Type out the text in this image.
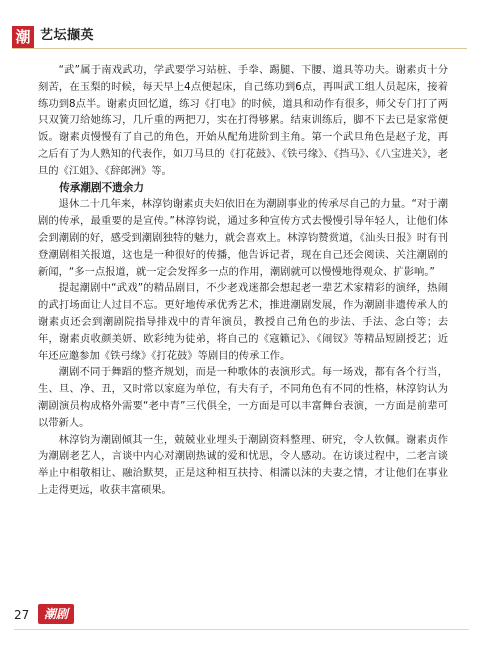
潮 艺坛撷英

“武”属于南戏武功，学武要学习站桩、手拳、踢腿、下腰、道具等功夫。谢素贞十分刻苦，在玉梨的时候，每天早上4点便起床，自己练功到6点，再叫武工组人员起床，接着练功到8点半。谢素贞回忆道，练习《打电》的时候，道具和动作有很多，师父专门打了两只双簧刀给她练习，几斤重的两把刀，实在打得够累。结束训练后，脚不下去已是家常便饭。谢素贞慢慢有了自己的角色，开始从配角进阶到主角。第一个武旦角色是赵子龙，再之后有了为人熟知的代表作，如刀马旦的《打花鼓》、《铁弓缘》、《挡马》、《八宝进关》，老旦的《江姐》、《辞郎洲》等。

传承潮剧不遗余力

退休二十几年来，林淳钧谢素贞夫妇依旧在为潮剧事业的传承尽自己的力量。“对于潮剧的传承，最重要的是宣传。”林淳钧说，通过多种宣传方式去慢慢引导年轻人，让他们体会到潮剧的好，感受到潮剧独特的魅力，就会喜欢上。林淳钧赞赏道，《汕头日报》时有刊登潮剧相关报道，这也是一种很好的传播，他告诉记者，现在自己还会阅读、关注潮剧的新闻，“多一点报道，就一定会发挥多一点的作用，潮剧就可以慢慢地得观众、扩影响。”

提起潮剧中“武戏”的精品剧目，不少老戏迷都会想起老一辈艺术家精彩的演绎，热闹的武打场面让人过目不忘。更好地传承优秀艺术，推进潮剧发展，作为潮剧非遗传承人的谢素贞还会到潮剧院指导排戏中的青年演员，教授自己角色的步法、手法、念白等；去年，谢素贞收颜美妍、欧彩纯为徒弟，将自己的《寇籁记》、《闹钗》等精品短剧授艺；近年还应邀参加《铁弓缘》《打花鼓》等剧目的传承工作。

潮剧不同于舞蹈的整齐规划，而是一种歌体的表演形式。每一场戏，都有各个行当，生、旦、净、丑，又时常以家庭为单位，有夫有子，不同角色有不同的性格，林淳钧认为潮剧演员构成格外需要“老中青”三代俱全，一方面是可以丰富舞台表演，一方面是前辈可以带新人。

林淳钧为潮剧倾其一生，兢兢业业埋头于潮剧资料整理、研究，令人钦佩。谢素贞作为潮剧老艺人，言谈中内心对潮剧热诚的爱和忧思，令人感动。在访谈过程中，二老言谈举止中相敬相让、融洽默契，正是这种相互扶持、相濡以沫的夫妻之情，才让他们在事业上走得更远，收获丰富硕果。

27	潮剧
